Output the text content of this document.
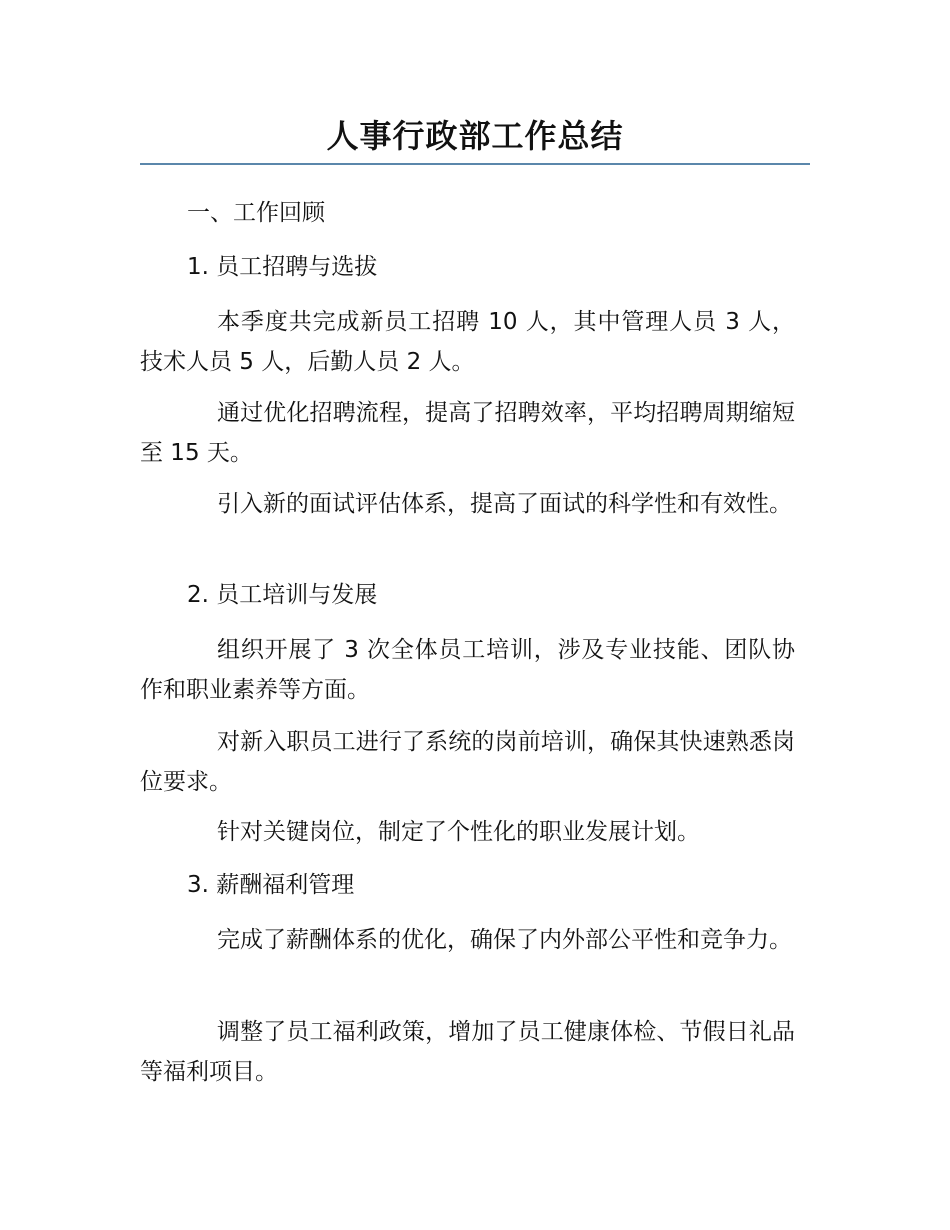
人事行政部工作总结
一、工作回顾
1. 员工招聘与选拔
本季度共完成新员工招聘 10 人，其中管理人员 3 人，技术人员 5 人，后勤人员 2 人。
通过优化招聘流程，提高了招聘效率，平均招聘周期缩短至 15 天。
引入新的面试评估体系，提高了面试的科学性和有效性。
2. 员工培训与发展
组织开展了 3 次全体员工培训，涉及专业技能、团队协作和职业素养等方面。
对新入职员工进行了系统的岗前培训，确保其快速熟悉岗位要求。
针对关键岗位，制定了个性化的职业发展计划。
3. 薪酬福利管理
完成了薪酬体系的优化，确保了内外部公平性和竞争力。
调整了员工福利政策，增加了员工健康体检、节假日礼品等福利项目。
